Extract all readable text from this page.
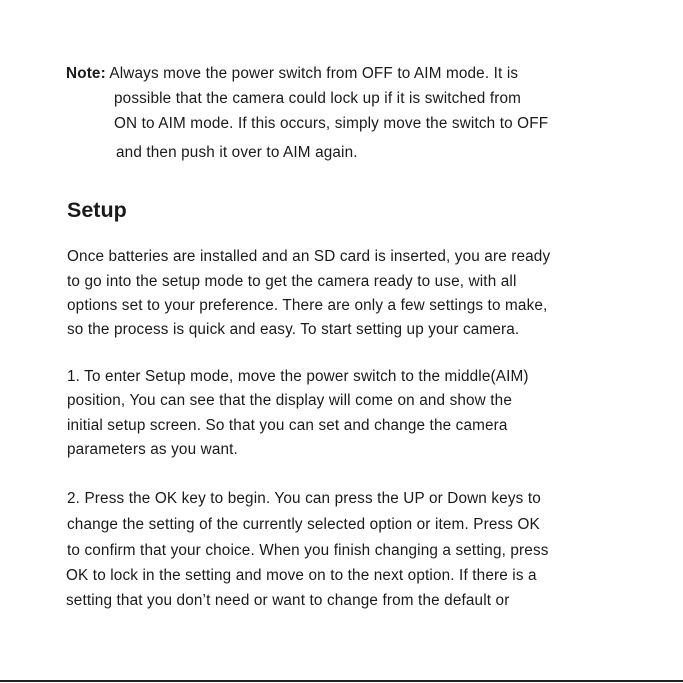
Note: Always move the power switch from OFF to AIM mode. It is
possible that the camera could lock up if it is switched from
ON to AIM mode. If this occurs, simply move the switch to OFF
and then push it over to AIM again.
Setup
Once batteries are installed and an SD card is inserted, you are ready
to go into the setup mode to get the camera ready to use, with all
options set to your preference. There are only a few settings to make,
so the process is quick and easy. To start setting up your camera.
1. To enter Setup mode, move the power switch to the middle(AIM)
position, You can see that the display will come on and show the
initial setup screen. So that you can set and change the camera
parameters as you want.
2. Press the OK key to begin. You can press the UP or Down keys to
change the setting of the currently selected option or item. Press OK
to confirm that your choice. When you finish changing a setting, press
OK to lock in the setting and move on to the next option. If there is a
setting that you don’t need or want to change from the default or
